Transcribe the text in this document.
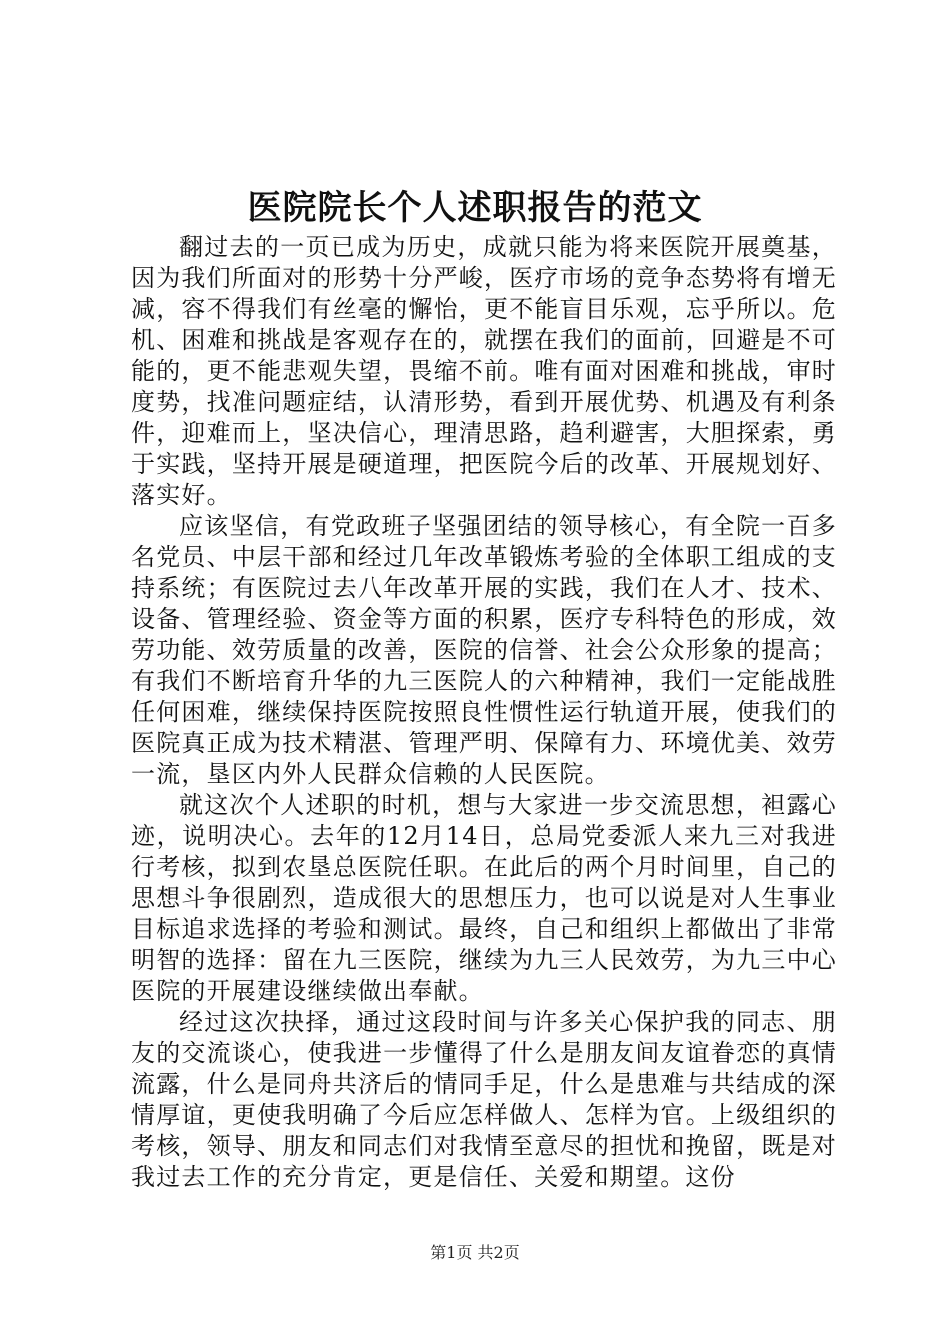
医院院长个人述职报告的范文

翻过去的一页已成为历史，成就只能为将来医院开展奠基，因为我们所面对的形势十分严峻，医疗市场的竞争态势将有增无减，容不得我们有丝毫的懈怡，更不能盲目乐观，忘乎所以。危机、困难和挑战是客观存在的，就摆在我们的面前，回避是不可能的，更不能悲观失望，畏缩不前。唯有面对困难和挑战，审时度势，找准问题症结，认清形势，看到开展优势、机遇及有利条件，迎难而上，坚决信心，理清思路，趋利避害，大胆探索，勇于实践，坚持开展是硬道理，把医院今后的改革、开展规划好、落实好。

应该坚信，有党政班子坚强团结的领导核心，有全院一百多名党员、中层干部和经过几年改革锻炼考验的全体职工组成的支持系统；有医院过去八年改革开展的实践，我们在人才、技术、设备、管理经验、资金等方面的积累，医疗专科特色的形成，效劳功能、效劳质量的改善，医院的信誉、社会公众形象的提高；有我们不断培育升华的九三医院人的六种精神，我们一定能战胜任何困难，继续保持医院按照良性惯性运行轨道开展，使我们的医院真正成为技术精湛、管理严明、保障有力、环境优美、效劳一流，垦区内外人民群众信赖的人民医院。

就这次个人述职的时机，想与大家进一步交流思想，袒露心迹，说明决心。去年的12月14日，总局党委派人来九三对我进行考核，拟到农垦总医院任职。在此后的两个月时间里，自己的思想斗争很剧烈，造成很大的思想压力，也可以说是对人生事业目标追求选择的考验和测试。最终，自己和组织上都做出了非常明智的选择：留在九三医院，继续为九三人民效劳，为九三中心医院的开展建设继续做出奉献。

经过这次抉择，通过这段时间与许多关心保护我的同志、朋友的交流谈心，使我进一步懂得了什么是朋友间友谊眷恋的真情流露，什么是同舟共济后的情同手足，什么是患难与共结成的深情厚谊，更使我明确了今后应怎样做人、怎样为官。上级组织的考核，领导、朋友和同志们对我情至意尽的担忧和挽留，既是对我过去工作的充分肯定，更是信任、关爱和期望。这份

第1页 共2页
